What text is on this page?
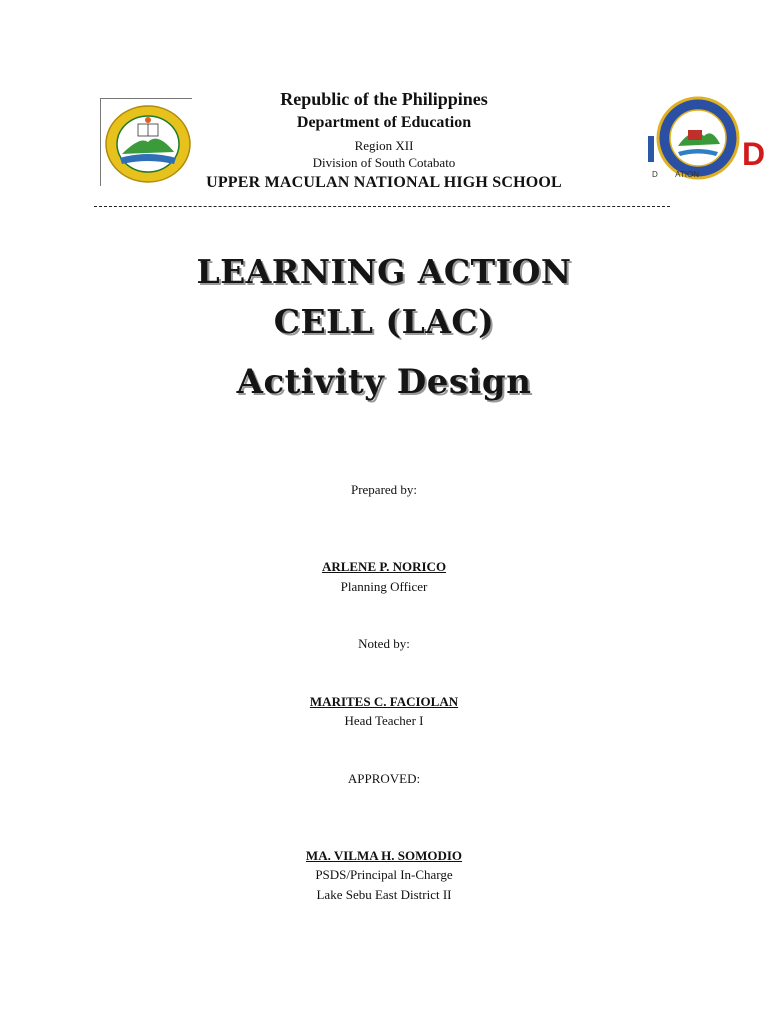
D
D        ATION
Republic of the Philippines
Department of Education
Region XII
Division of South Cotabato
UPPER MACULAN NATIONAL HIGH SCHOOL
LEARNING ACTION
CELL (LAC)
Activity Design
Prepared by:
ARLENE P. NORICO
Planning Officer
Noted by:
MARITES C. FACIOLAN
Head Teacher I
APPROVED:
MA. VILMA H. SOMODIO
PSDS/Principal In-Charge
Lake Sebu East District II
